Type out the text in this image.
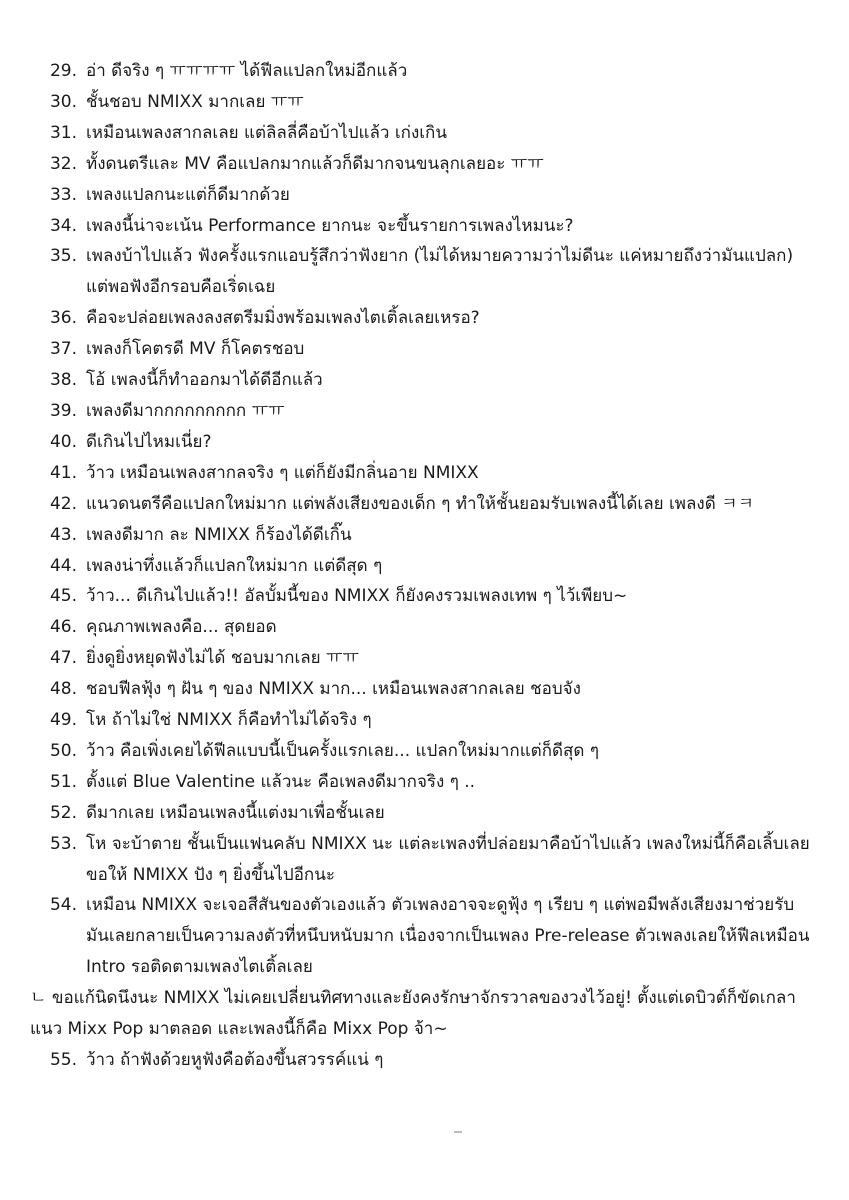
29. อ่า ดีจริง ๆ ㅠㅠㅠㅠ ได้ฟีลแปลกใหม่อีกแล้ว
30. ชั้นชอบ NMIXX มากเลย ㅠㅠ
31. เหมือนเพลงสากลเลย แต่ลิลลี่คือบ้าไปแล้ว เก่งเกิน
32. ทั้งดนตรีและ MV คือแปลกมากแล้วก็ดีมากจนขนลุกเลยอะ ㅠㅠ
33. เพลงแปลกนะแต่ก็ดีมากด้วย
34. เพลงนี้น่าจะเน้น Performance ยากนะ จะขึ้นรายการเพลงไหมนะ?
35. เพลงบ้าไปแล้ว ฟังครั้งแรกแอบรู้สึกว่าฟังยาก (ไม่ได้หมายความว่าไม่ดีนะ แค่หมายถึงว่ามันแปลก) แต่พอฟังอีกรอบคือเริ่ดเฉย
36. คือจะปล่อยเพลงลงสตรีมมิ่งพร้อมเพลงไตเติ้ลเลยเหรอ?
37. เพลงก็โคตรดี MV ก็โคตรชอบ
38. โอ้ เพลงนี้ก็ทำออกมาได้ดีอีกแล้ว
39. เพลงดีมากกกกกกกกก ㅠㅠ
40. ดีเกินไปไหมเนี่ย?
41. ว้าว เหมือนเพลงสากลจริง ๆ แต่ก็ยังมีกลิ่นอาย NMIXX
42. แนวดนตรีคือแปลกใหม่มาก แต่พลังเสียงของเด็ก ๆ ทำให้ชั้นยอมรับเพลงนี้ได้เลย เพลงดี ㅋㅋ
43. เพลงดีมาก ละ NMIXX ก็ร้องได้ดีเกิ๊น
44. เพลงน่าทึ่งแล้วก็แปลกใหม่มาก แต่ดีสุด ๆ
45. ว้าว... ดีเกินไปแล้ว!! อัลบั้มนี้ของ NMIXX ก็ยังคงรวมเพลงเทพ ๆ ไว้เพียบ~
46. คุณภาพเพลงคือ... สุดยอด
47. ยิ่งดูยิ่งหยุดฟังไม่ได้ ชอบมากเลย ㅠㅠ
48. ชอบฟีลฟุ้ง ๆ ฝัน ๆ ของ NMIXX มาก... เหมือนเพลงสากลเลย ชอบจัง
49. โห ถ้าไม่ใช่ NMIXX ก็คือทำไม่ได้จริง ๆ
50. ว้าว คือเพิ่งเคยได้ฟีลแบบนี้เป็นครั้งแรกเลย... แปลกใหม่มากแต่ก็ดีสุด ๆ
51. ตั้งแต่ Blue Valentine แล้วนะ คือเพลงดีมากจริง ๆ ..
52. ดีมากเลย เหมือนเพลงนี้แต่งมาเพื่อชั้นเลย
53. โห จะบ้าตาย ชั้นเป็นแฟนคลับ NMIXX นะ แต่ละเพลงที่ปล่อยมาคือบ้าไปแล้ว เพลงใหม่นี้ก็คือเลิ้บเลย ขอให้ NMIXX ปัง ๆ ยิ่งขึ้นไปอีกนะ
54. เหมือน NMIXX จะเจอสีสันของตัวเองแล้ว ตัวเพลงอาจจะดูฟุ้ง ๆ เรียบ ๆ แต่พอมีพลังเสียงมาช่วยรับ มันเลยกลายเป็นความลงตัวที่หนึบหนับมาก เนื่องจากเป็นเพลง Pre-release ตัวเพลงเลยให้ฟีลเหมือน Intro รอติดตามเพลงไตเติ้ลเลย
ㄴ ขอแก้นิดนึงนะ NMIXX ไม่เคยเปลี่ยนทิศทางและยังคงรักษาจักรวาลของวงไว้อยู่! ตั้งแต่เดบิวต์ก็ขัดเกลาแนว Mixx Pop มาตลอด และเพลงนี้ก็คือ Mixx Pop จ้า~
55. ว้าว ถ้าฟังด้วยหูฟังคือต้องขึ้นสวรรค์แน่ ๆ
